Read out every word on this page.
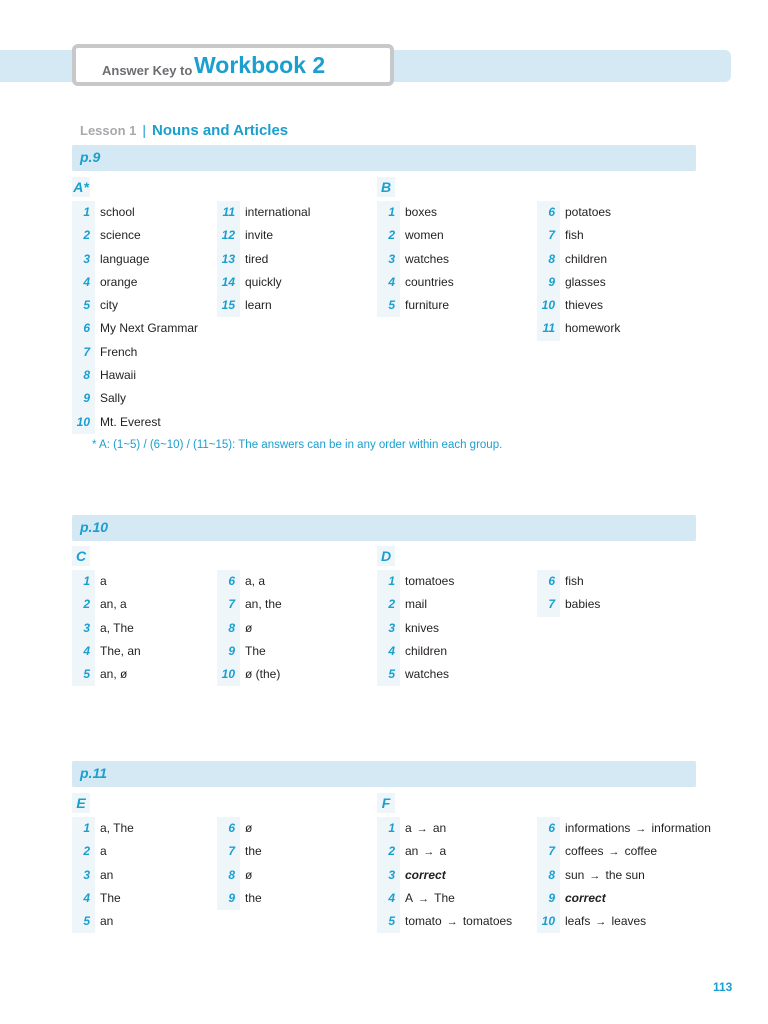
Answer Key to Workbook 2
Lesson 1 | Nouns and Articles
p.9
A*
1 school
2 science
3 language
4 orange
5 city
6 My Next Grammar
7 French
8 Hawaii
9 Sally
10 Mt. Everest
11 international
12 invite
13 tired
14 quickly
15 learn
B
1 boxes
2 women
3 watches
4 countries
5 furniture
6 potatoes
7 fish
8 children
9 glasses
10 thieves
11 homework
p.10
C
1 a
2 an, a
3 a, The
4 The, an
5 an, ø
6 a, a
7 an, the
8 ø
9 The
10 ø (the)
D
1 tomatoes
2 mail
3 knives
4 children
5 watches
6 fish
7 babies
p.11
E
1 a, The
2 a
3 an
4 The
5 an
6 ø
7 the
8 ø
9 the
F
1 a → an
2 an → a
3 correct
4 A → The
5 tomato → tomatoes
6 informations → information
7 coffees → coffee
8 sun → the sun
9 correct
10 leafs → leaves
* A: (1~5) / (6~10) / (11~15): The answers can be in any order within each group.
113
